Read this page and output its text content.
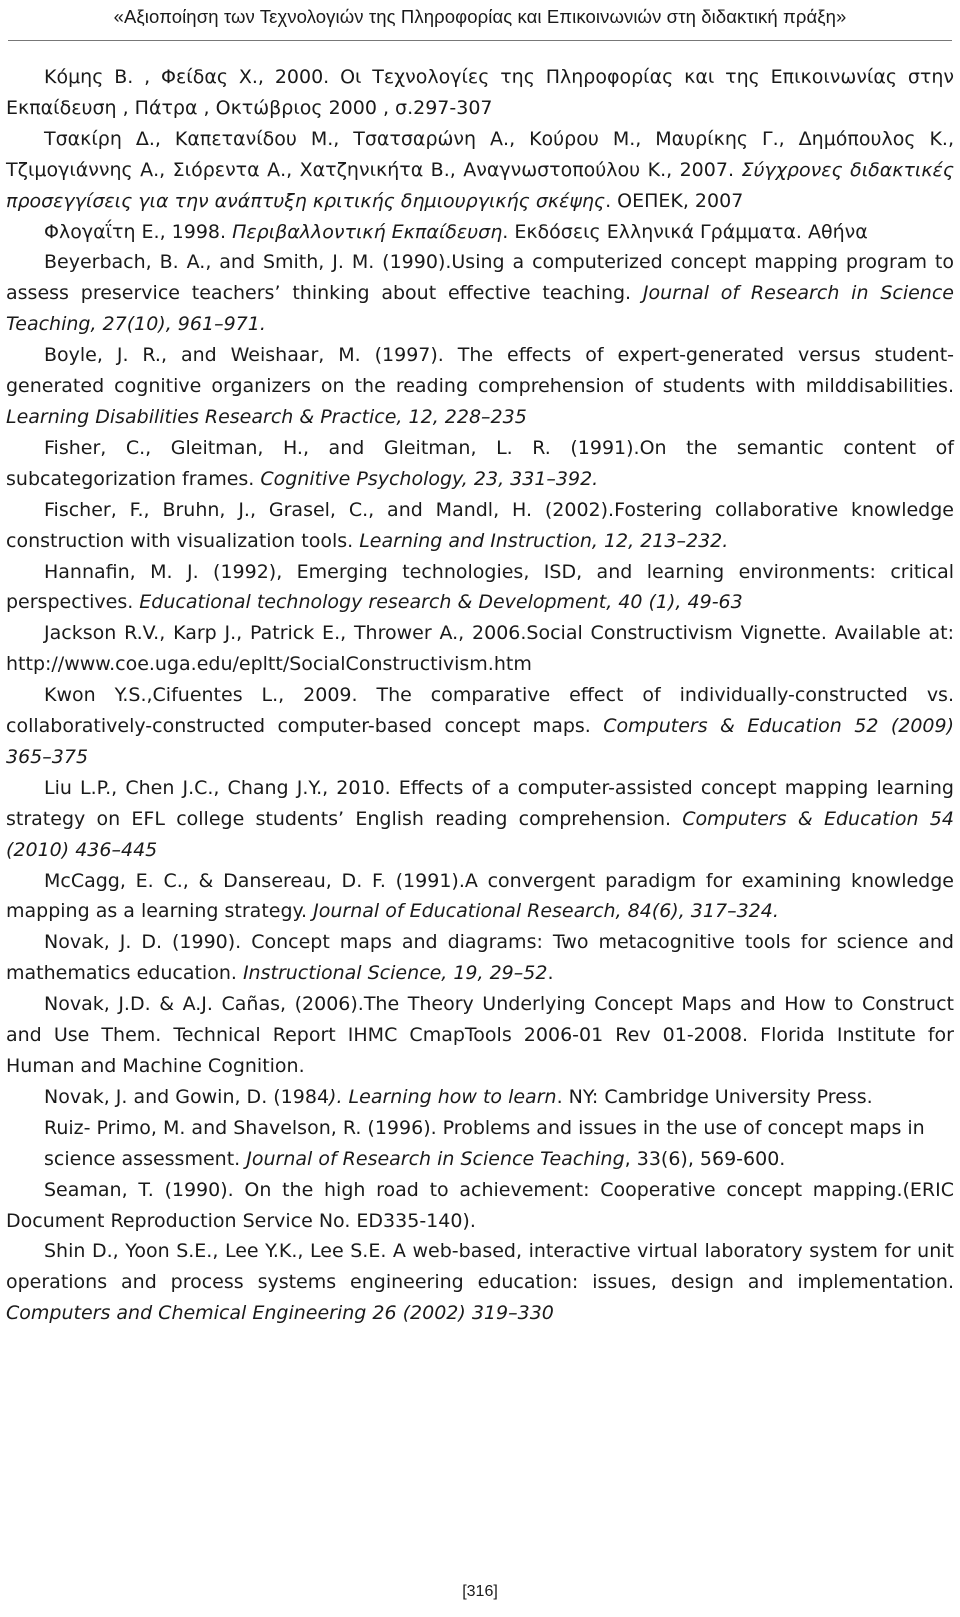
«Αξιοποίηση των Τεχνολογιών της Πληροφορίας και Επικοινωνιών στη διδακτική πράξη»

Κόμης Β. , Φείδας Χ., 2000. Οι Τεχνολογίες της Πληροφορίας και της Επικοινωνίας στην Εκπαίδευση , Πάτρα , Οκτώβριος 2000 , σ.297-307

Τσακίρη Δ., Καπετανίδου Μ., Τσατσαρώνη Α., Κούρου Μ., Μαυρίκης Γ., Δημόπουλος Κ., Τζιμογιάννης Α., Σιόρεντα Α., Χατζηνικήτα Β., Αναγνωστοπούλου Κ., 2007. Σύγχρονες διδακτικές προσεγγίσεις για την ανάπτυξη κριτικής δημιουργικής σκέψης. ΟΕΠΕΚ, 2007

Φλογαΐτη Ε., 1998. Περιβαλλοντική Εκπαίδευση. Εκδόσεις Ελληνικά Γράμματα. Αθήνα

Beyerbach, B. A., and Smith, J. M. (1990).Using a computerized concept mapping program to assess preservice teachers’ thinking about effective teaching. Journal of Research in Science Teaching, 27(10), 961–971.

Boyle, J. R., and Weishaar, M. (1997). The effects of expert-generated versus student-generated cognitive organizers on the reading comprehension of students with milddisabilities. Learning Disabilities Research & Practice, 12, 228–235

Fisher, C., Gleitman, H., and Gleitman, L. R. (1991).On the semantic content of subcategorization frames. Cognitive Psychology, 23, 331–392.

Fischer, F., Bruhn, J., Grasel, C., and Mandl, H. (2002).Fostering collaborative knowledge construction with visualization tools. Learning and Instruction, 12, 213–232.

Hannafin, M. J. (1992), Emerging technologies, ISD, and learning environments: critical perspectives. Educational technology research & Development, 40 (1), 49-63

Jackson R.V., Karp J., Patrick E., Thrower A., 2006.Social Constructivism Vignette. Available at: http://www.coe.uga.edu/epltt/SocialConstructivism.htm

Kwon Y.S.,Cifuentes L., 2009. The comparative effect of individually-constructed vs. collaboratively-constructed computer-based concept maps. Computers & Education 52 (2009) 365–375

Liu L.P., Chen J.C., Chang J.Y., 2010. Effects of a computer-assisted concept mapping learning strategy on EFL college students’ English reading comprehension. Computers & Education 54 (2010) 436–445

McCagg, E. C., & Dansereau, D. F. (1991).A convergent paradigm for examining knowledge mapping as a learning strategy. Journal of Educational Research, 84(6), 317–324.

Novak, J. D. (1990). Concept maps and diagrams: Two metacognitive tools for science and mathematics education. Instructional Science, 19, 29–52.

Novak, J.D. & A.J. Cañas, (2006).The Theory Underlying Concept Maps and How to Construct and Use Them. Technical Report IHMC CmapTools 2006-01 Rev 01-2008. Florida Institute for Human and Machine Cognition.

Novak, J. and Gowin, D. (1984). Learning how to learn. NY: Cambridge University Press.

Ruiz- Primo, M. and Shavelson, R. (1996). Problems and issues in the use of concept maps in

science assessment. Journal of Research in Science Teaching, 33(6), 569-600.

Seaman, T. (1990). On the high road to achievement: Cooperative concept mapping.(ERIC Document Reproduction Service No. ED335-140).

Shin D., Yoon S.E., Lee Y.K., Lee S.E. A web-based, interactive virtual laboratory system for unit operations and process systems engineering education: issues, design and implementation. Computers and Chemical Engineering 26 (2002) 319–330

[316]
